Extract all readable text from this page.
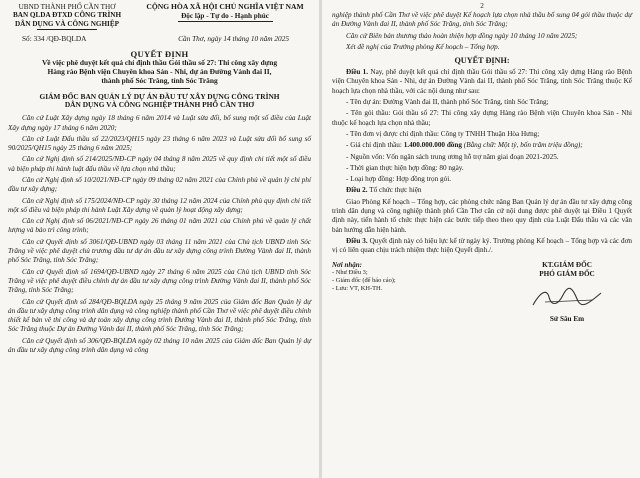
UBND THÀNH PHỐ CẦN THƠ
BAN QLDA ĐTXD CÔNG TRÌNH
DÂN DỤNG VÀ CÔNG NGHIỆP
CỘNG HÒA XÃ HỘI CHỦ NGHĨA VIỆT NAM
Độc lập - Tự do - Hạnh phúc
Số: 334 /QĐ-BQLDA	Cần Thơ, ngày 14 tháng 10 năm 2025
QUYẾT ĐỊNH
Về việc phê duyệt kết quả chỉ định thầu Gói thầu số 27: Thi công xây dựng
Hàng rào Bệnh viện Chuyên khoa Sản - Nhi, dự án Đường Vành đai II,
thành phố Sóc Trăng, tỉnh Sóc Trăng
GIÁM ĐỐC BAN QUẢN LÝ DỰ ÁN ĐẦU TƯ XÂY DỰNG CÔNG TRÌNH
DÂN DỤNG VÀ CÔNG NGHIỆP THÀNH PHỐ CẦN THƠ

Căn cứ Luật Xây dựng ngày 18 tháng 6 năm 2014 và Luật sửa đổi, bổ sung một số điều của Luật Xây dựng ngày 17 tháng 6 năm 2020;

Căn cứ Luật Đấu thầu số 22/2023/QH15 ngày 23 tháng 6 năm 2023 và Luật sửa đổi bổ sung số 90/2025/QH15 ngày 25 tháng 6 năm 2025;

Căn cứ Nghị định số 214/2025/NĐ-CP ngày 04 tháng 8 năm 2025 về quy định chi tiết một số điều và biện pháp thi hành luật đấu thầu về lựa chọn nhà thầu;

Căn cứ Nghị định số 10/2021/NĐ-CP ngày 09 tháng 02 năm 2021 của Chính phủ về quản lý chi phí đầu tư xây dựng;

Căn cứ Nghị định số 175/2024/NĐ-CP ngày 30 tháng 12 năm 2024 của Chính phủ quy định chi tiết một số điều và biện pháp thi hành Luật Xây dựng về quản lý hoạt động xây dựng;

Căn cứ Nghị định số 06/2021/NĐ-CP ngày 26 tháng 01 năm 2021 của Chính phủ về quản lý chất lượng và bảo trì công trình;

Căn cứ Quyết định số 3061/QĐ-UBND ngày 03 tháng 11 năm 2021 của Chủ tịch UBND tỉnh Sóc Trăng về việc phê duyệt chủ trương đầu tư dự án đầu tư xây dựng công trình Đường Vành đai II, thành phố Sóc Trăng, tỉnh Sóc Trăng;

Căn cứ Quyết định số 1694/QĐ-UBND ngày 27 tháng 6 năm 2025 của Chủ tịch UBND tỉnh Sóc Trăng về việc phê duyệt điều chỉnh dự án đầu tư xây dựng công trình Đường Vành đai II, thành phố Sóc Trăng, tỉnh Sóc Trăng;

Căn cứ Quyết định số 284/QĐ-BQLDA ngày 25 tháng 9 năm 2025 của Giám đốc Ban Quản lý dự án đầu tư xây dựng công trình dân dụng và công nghiệp thành phố Cần Thơ về việc phê duyệt điều chỉnh thiết kế bản vẽ thi công và dự toán xây dựng công trình Đường Vành đai II, thành phố Sóc Trăng, tỉnh Sóc Trăng thuộc Dự án Đường Vành đai II, thành phố Sóc Trăng, tỉnh Sóc Trăng;

Căn cứ Quyết định số 306/QĐ-BQLDA ngày 02 tháng 10 năm 2025 của Giám đốc Ban Quản lý dự án đầu tư xây dựng công trình dân dụng và công

2

nghiệp thành phố Cần Thơ về việc phê duyệt Kế hoạch lựa chọn nhà thầu bổ sung 04 gói thầu thuộc dự án Đường Vành đai II, thành phố Sóc Trăng, tỉnh Sóc Trăng;

Căn cứ Biên bản thương thảo hoàn thiện hợp đồng ngày 10 tháng 10 năm 2025;

Xét đề nghị của Trưởng phòng Kế hoạch – Tổng hợp.

QUYẾT ĐỊNH:

Điều 1. Nay, phê duyệt kết quả chỉ định thầu Gói thầu số 27: Thi công xây dựng Hàng rào Bệnh viện Chuyên khoa Sản - Nhi, dự án Đường Vành đai II, thành phố Sóc Trăng, tỉnh Sóc Trăng thuộc Kế hoạch lựa chọn nhà thầu, với các nội dung như sau:

- Tên dự án: Đường Vành đai II, thành phố Sóc Trăng, tỉnh Sóc Trăng;

- Tên gói thầu: Gói thầu số 27: Thi công xây dựng Hàng rào Bệnh viện Chuyên khoa Sản - Nhi thuộc kế hoạch lựa chọn nhà thầu;

- Tên đơn vị được chỉ định thầu: Công ty TNHH Thuận Hòa Hưng;

- Giá chỉ định thầu: 1.400.000.000 đồng (Bằng chữ: Một tỷ, bốn trăm triệu đồng);

- Nguồn vốn: Vốn ngân sách trung ương hỗ trợ năm giai đoạn 2021-2025.

- Thời gian thực hiện hợp đồng: 80 ngày.

- Loại hợp đồng: Hợp đồng trọn gói.

Điều 2. Tổ chức thực hiện

Giao Phòng Kế hoạch – Tổng hợp, các phòng chức năng Ban Quản lý dự án đầu tư xây dựng công trình dân dụng và công nghiệp thành phố Cần Thơ căn cứ nội dung được phê duyệt tại Điều 1 Quyết định này, tiến hành tổ chức thực hiện các bước tiếp theo theo quy định của Luật Đấu thầu và các văn bản hướng dẫn hiện hành.

Điều 3. Quyết định này có hiệu lực kể từ ngày ký. Trưởng phòng Kế hoạch – Tổng hợp và các đơn vị có liên quan chịu trách nhiệm thực hiện Quyết định./.

Nơi nhận:
- Như Điều 3;
- Giám đốc (để báo cáo);
- Lưu: VT, KH-TH.
KT.GIÁM ĐỐC
PHÓ GIÁM ĐỐC
Sử Sâu Em
